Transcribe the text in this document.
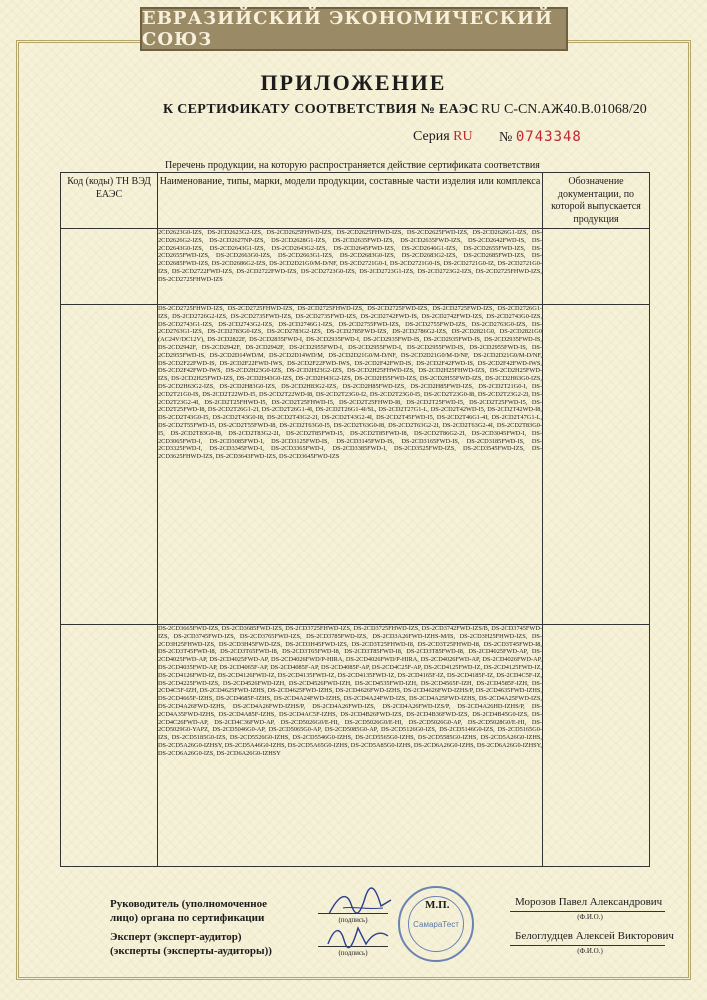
ЕВРАЗИЙСКИЙ ЭКОНОМИЧЕСКИЙ СОЮЗ
ПРИЛОЖЕНИЕ
К СЕРТИФИКАТУ СООТВЕТСТВИЯ № ЕАЭС RU C-CN.АЖ40.В.01068/20
Серия RU № 0743348
Перечень продукции, на которую распространяется действие сертификата соответствия
Код (коды) ТН ВЭД ЕАЭС	Наименование, типы, марки, модели продукции, составные части изделия или комплекса	Обозначение документации, по которой выпускается продукция

	2CD2623G0-IZS, DS-2CD2623G2-IZS, DS-2CD2625FHWD-IZS, DS-2CD2625FHWD-IZS, DS-2CD2625FWD-IZS, DS-2CD2626G1-IZS, DS-2CD2626G2-IZS, DS-2CD2627NP-IZS, DS-2CD2628G1-IZS, DS-2CD2635FWD-IZS, DS-2CD2635FWD-IZS, DS-2CD2642FWD-IS, DS-2CD2643G0-IZS, DS-2CD2643G1-IZS, DS-2CD2643G2-IZS, DS-2CD2645FWD-IZS, DS-2CD2646G1-IZS, DS-2CD2655FWD-IZS, DS-2CD2655FWD-IZS, DS-2CD2663G0-IZS, DS-2CD2663G1-IZS, DS-2CD2683G0-IZS, DS-2CD2683G2-IZS, DS-2CD2685FWD-IZS, DS-2CD2685FWD-IZS, DS-2CD2686G2-IZS, DS-2CD2D21G0/M-D/NF, DS-2CD2721G0-I, DS-2CD2721G0-IS, DS-2CD2721G0-IZ, DS-2CD2721G0-IZS, DS-2CD2722FWD-IZS, DS-2CD2722FWD-IZS, DS-2CD2723G0-IZS, DS-2CD2723G1-IZS, DS-2CD2723G2-IZS, DS-2CD2725FHWD-IZS, DS-2CD2725FHWD-IZS	

	DS-2CD2725FHWD-IZS, DS-2CD2725FHWD-IZS, DS-2CD2725FHWD-IZS, DS-2CD2725FWD-IZS, DS-2CD2725FWD-IZS, DS-2CD2726G1-IZS, DS-2CD2726G2-IZS, DS-2CD2735FWD-IZS, DS-2CD2735FWD-IZS, DS-2CD2742FWD-IS, DS-2CD2742FWD-IZS, DS-2CD2743G0-IZS, DS-2CD2743G1-IZS, DS-2CD2743G2-IZS, DS-2CD2746G1-IZS, DS-2CD2755FWD-IZS, DS-2CD2755FWD-IZS, DS-2CD2763G0-IZS, DS-2CD2763G1-IZS, DS-2CD2783G0-IZS, DS-2CD2783G2-IZS, DS-2CD2785FWD-IZS, DS-2CD2786G2-IZS, DS-2CD2821G0, DS-2CD2821G0 (AC24V/DC12V), DS-2CD2822F, DS-2CD2835FWD-I, DS-2CD2935FWD-I, DS-2CD2935FWD-IS, DS-2CD2935FWD-IS, DS-2CD2935FWD-IS, DS-2CD2942F, DS-2CD2942F, DS-2CD2942F, DS-2CD2955FWD-I, DS-2CD2955FWD-I, DS-2CD2955FWD-IS, DS-2CD2955FWD-IS, DS-2CD2955FWD-IS, DS-2CD2D14WD/M, DS-2CD2D14WD/M, DS-2CD2D21G0/M-D/NF, DS-2CD2D21G0/M-D/NF, DS-2CD2D21G0/M-D/NF, DS-2CD2F22FWD-IS, DS-2CD2F22FWD-IWS, DS-2CD2F22FWD-IWS, DS-2CD2F42FWD-IS, DS-2CD2F42FWD-IS, DS-2CD2F42FWD-IWS, DS-2CD2F42FWD-IWS, DS-2CD2H23G0-IZS, DS-2CD2H23G2-IZS, DS-2CD2H25FHWD-IZS, DS-2CD2H25FHWD-IZS, DS-2CD2H25FWD-IZS, DS-2CD2H25FWD-IZS, DS-2CD2H43G0-IZS, DS-2CD2H43G2-IZS, DS-2CD2H55FWD-IZS, DS-2CD2H55FWD-IZS, DS-2CD2H63G0-IZS, DS-2CD2H63G2-IZS, DS-2CD2H83G0-IZS, DS-2CD2H83G2-IZS, DS-2CD2H85FWD-IZS, DS-2CD2H85FWD-IZS, DS-2CD2T21G0-I, DS-2CD2T21G0-IS, DS-2CD2T22WD-I5, DS-2CD2T22WD-I8, DS-2CD2T23G0-I2, DS-2CD2T23G0-I5, DS-2CD2T23G0-I8, DS-2CD2T23G2-2I, DS-2CD2T23G2-4I, DS-2CD2T25FHWD-I5, DS-2CD2T25FHWD-I5, DS-2CD2T25FHWD-I8, DS-2CD2T25FWD-I5, DS-2CD2T25FWD-I5, DS-2CD2T25FWD-I8, DS-2CD2T26G1-2I, DS-2CD2T26G1-4I, DS-2CD2T26G1-4I/SL, DS-2CD2T27G1-L, DS-2CD2T42WD-I5, DS-2CD2T42WD-I8, DS-2CD2T43G0-I5, DS-2CD2T43G0-I8, DS-2CD2T43G2-2I, DS-2CD2T43G2-4I, DS-2CD2T45FWD-I5, DS-2CD2T46G1-4I, DS-2CD2T47G1-L, DS-2CD2T55FWD-I5, DS-2CD2T55FWD-I8, DS-2CD2T63G0-I5, DS-2CD2T63G0-I8, DS-2CD2T63G2-2I, DS-2CD2T63G2-4I, DS-2CD2T83G0-I5, DS-2CD2T83G0-I8, DS-2CD2T83G2-2I, DS-2CD2T85FWD-I5, DS-2CD2T85FWD-I8, DS-2CD2T86G2-2I, DS-2CD3045FWD-I, DS-2CD3065FWD-I, DS-2CD3085FWD-I, DS-2CD3125FWD-IS, DS-2CD3145FWD-IS, DS-2CD3165FWD-IS, DS-2CD3185FWD-IS, DS-2CD3325FWD-I, DS-2CD3345FWD-I, DS-2CD3365FWD-I, DS-2CD3385FWD-I, DS-2CD3525FWD-IZS, DS-2CD3545FWD-IZS, DS-2CD3625FHWD-IZS, DS-2CD3643FWD-IZS, DS-2CD3645FWD-IZS	

	DS-2CD3665FWD-IZS, DS-2CD3685FWD-IZS, DS-2CD3725FHWD-IZS, DS-2CD3725FHWD-IZS, DS-2CD3742FWD-IZS/B, DS-2CD3745FWD-IZS, DS-2CD3745FWD-IZS, DS-2CD3765FWD-IZS, DS-2CD3785FWD-IZS, DS-2CD3A26FWD-IZHS-M/IS, DS-2CD3H25FHWD-IZS, DS-2CD3H25FHWD-IZS, DS-2CD3H45FWD-IZS, DS-2CD3H45FWD-IZS, DS-2CD3T25FHWD-I8, DS-2CD3T25FHWD-I8, DS-2CD3T45FWD-I8, DS-2CD3T45FWD-I8, DS-2CD3T65FWD-I8, DS-2CD3T65FWD-I8, DS-2CD3T85FWD-I8, DS-2CD3T85FWD-I8, DS-2CD4025FWD-AP, DS-2CD4025FWD-AP, DS-2CD4025FWD-AP, DS-2CD4026FWD/P-HIRA, DS-2CD4026FWD/P-HIRA, DS-2CD4026FWD-AP, DS-2CD4026FWD-AP, DS-2CD4035FWD-AP, DS-2CD4065F-AP, DS-2CD4085F-AP, DS-2CD4085F-AP, DS-2CD4C25F-AP, DS-2CD4125FWD-IZ, DS-2CD4125FWD-IZ, DS-2CD4126FWD-IZ, DS-2CD4126FWD-IZ, DS-2CD4135FWD-IZ, DS-2CD4135FWD-IZ, DS-2CD4165F-IZ, DS-2CD4185F-IZ, DS-2CD4C5F-IZ, DS-2CD4225FWD-IZS, DS-2CD4526FWD-IZH, DS-2CD4526FWD-IZH, DS-2CD4535FWD-IZH, DS-2CD4565F-IZH, DS-2CD4585F-IZH, DS-2CD4C5F-IZH, DS-2CD4625FWD-IZHS, DS-2CD4625FWD-IZHS, DS-2CD4626FWD-IZHS, DS-2CD4626FWD-IZHS/P, DS-2CD4635FWD-IZHS, DS-2CD4665F-IZHS, DS-2CD4685F-IZHS, DS-2CD4A24FWD-IZHS, DS-2CD4A24FWD-IZS, DS-2CD4A25FWD-IZHS, DS-2CD4A25FWD-IZS, DS-2CD4A26FWD-IZHS, DS-2CD4A26FWD-IZHS/P, DS-2CD4A26FWD-IZS, DS-2CD4A26FWD-IZS/P, DS-2CD4A26HD-IZHS/P, DS-2CD4A35FWD-IZHS, DS-2CD4A85F-IZHS, DS-2CD4AC5F-IZHS, DS-2CD4B26FWD-IZS, DS-2CD4B36FWD-IZS, DS-2CD4B45G0-IZS, DS-2CD4C26FWD-AP, DS-2CD4C36FWD-AP, DS-2CD5026G0/E-HI, DS-2CD5026G0/E-HI, DS-2CD5026G0-AP, DS-2CD5028G0/E-HI, DS-2CD5029G0-YAPZ, DS-2CD5046G0-AP, DS-2CD5065G0-AP, DS-2CD5085G0-AP, DS-2CD5126G0-IZS, DS-2CD5146G0-IZS, DS-2CD5165G0-IZS, DS-2CD5185G0-IZS, DS-2CD5526G0-IZHS, DS-2CD5546G0-IZHS, DS-2CD5565G0-IZHS, DS-2CD5585G0-IZHS, DS-2CD5A26G0-IZHS, DS-2CD5A26G0-IZHSY, DS-2CD5A46G0-IZHS, DS-2CD5A65G0-IZHS, DS-2CD5A85G0-IZHS, DS-2CD6A26G0-IZHS, DS-2CD6A26G0-IZHSY, DS-2CD6A26G0-IZS, DS-2CD6A26G0-IZHSY	

Руководитель (уполномоченное
лицо) органа по сертификации	(подпись)	СамараТест
М.П.	Морозов Павел Александрович
(Ф.И.О.)
Эксперт (эксперт-аудитор)
(эксперты (эксперты-аудиторы))	(подпись)
Белоглудцев Алексей Викторович
(Ф.И.О.)
